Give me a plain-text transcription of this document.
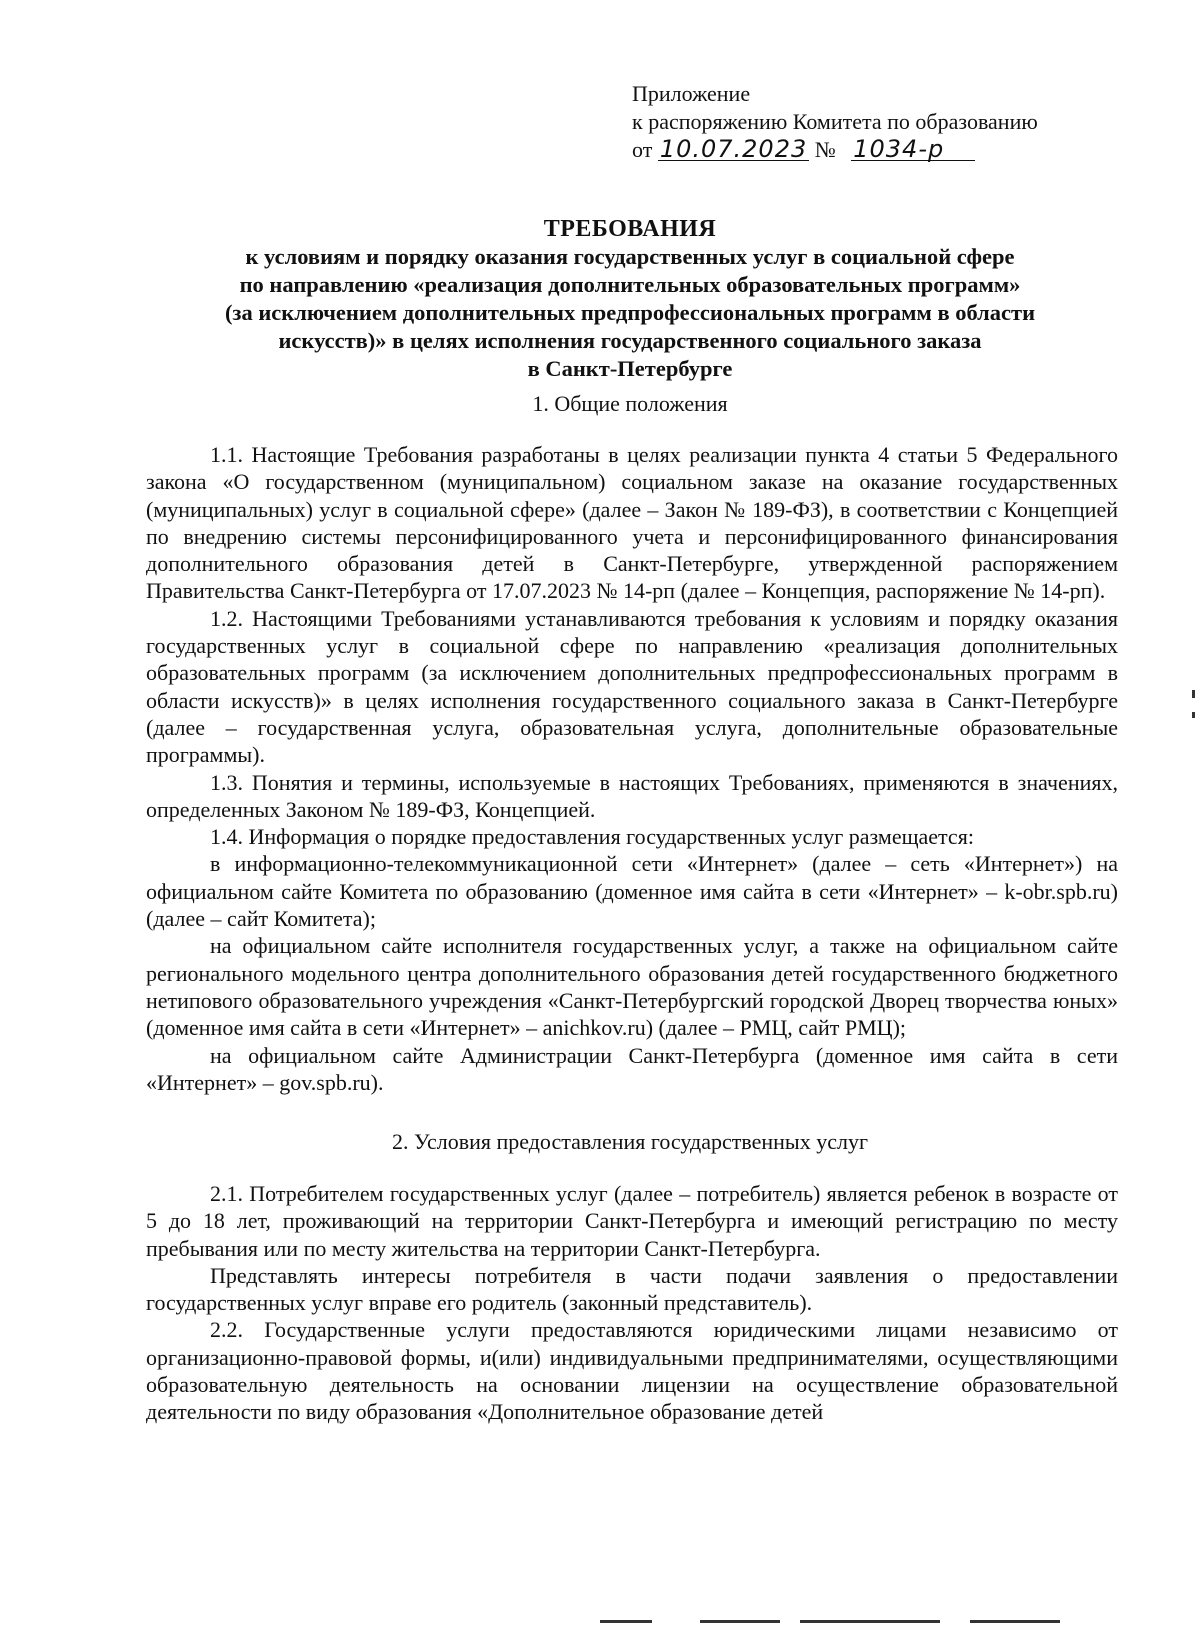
Приложение
к распоряжению Комитета по образованию
от 10.07.2023 № 1034-р
ТРЕБОВАНИЯ
к условиям и порядку оказания государственных услуг в социальной сфере
по направлению «реализация дополнительных образовательных программ»
(за исключением дополнительных предпрофессиональных программ в области
искусств)» в целях исполнения государственного социального заказа
в Санкт-Петербурге
1. Общие положения

1.1. Настоящие Требования разработаны в целях реализации пункта 4 статьи 5 Федерального закона «О государственном (муниципальном) социальном заказе на оказание государственных (муниципальных) услуг в социальной сфере» (далее – Закон № 189-ФЗ), в соответствии с Концепцией по внедрению системы персонифицированного учета и персонифицированного финансирования дополнительного образования детей в Санкт-Петербурге, утвержденной распоряжением Правительства Санкт-Петербурга от 17.07.2023 № 14-рп (далее – Концепция, распоряжение № 14-рп).

1.2. Настоящими Требованиями устанавливаются требования к условиям и порядку оказания государственных услуг в социальной сфере по направлению «реализация дополнительных образовательных программ (за исключением дополнительных предпрофессиональных программ в области искусств)» в целях исполнения государственного социального заказа в Санкт-Петербурге (далее – государственная услуга, образовательная услуга, дополнительные образовательные программы).

1.3. Понятия и термины, используемые в настоящих Требованиях, применяются в значениях, определенных Законом № 189-ФЗ, Концепцией.

1.4. Информация о порядке предоставления государственных услуг размещается:

в информационно-телекоммуникационной сети «Интернет» (далее – сеть «Интернет») на официальном сайте Комитета по образованию (доменное имя сайта в сети «Интернет» – k-obr.spb.ru) (далее – сайт Комитета);

на официальном сайте исполнителя государственных услуг, а также на официальном сайте регионального модельного центра дополнительного образования детей государственного бюджетного нетипового образовательного учреждения «Санкт-Петербургский городской Дворец творчества юных» (доменное имя сайта в сети «Интернет» – anichkov.ru) (далее – РМЦ, сайт РМЦ);

на официальном сайте Администрации Санкт-Петербурга (доменное имя сайта в сети «Интернет» – gov.spb.ru).

2. Условия предоставления государственных услуг

2.1. Потребителем государственных услуг (далее – потребитель) является ребенок в возрасте от 5 до 18 лет, проживающий на территории Санкт-Петербурга и имеющий регистрацию по месту пребывания или по месту жительства на территории Санкт-Петербурга.

Представлять интересы потребителя в части подачи заявления о предоставлении государственных услуг вправе его родитель (законный представитель).

2.2. Государственные услуги предоставляются юридическими лицами независимо от организационно-правовой формы, и(или) индивидуальными предпринимателями, осуществляющими образовательную деятельность на основании лицензии на осуществление образовательной деятельности по виду образования «Дополнительное образование детей
